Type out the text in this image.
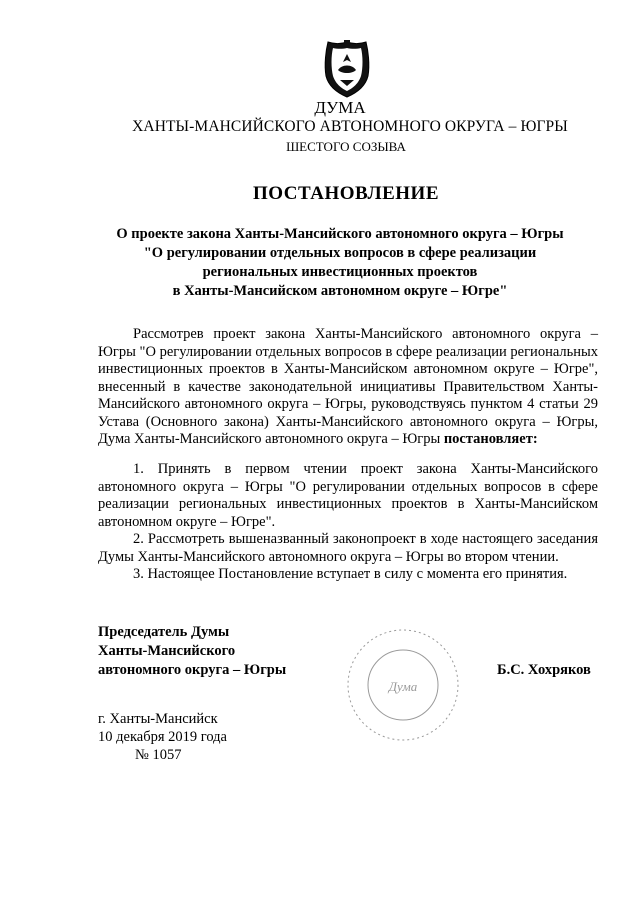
ДУМА
ХАНТЫ-МАНСИЙСКОГО АВТОНОМНОГО ОКРУГА – ЮГРЫ
ШЕСТОГО СОЗЫВА
ПОСТАНОВЛЕНИЕ
О проекте закона Ханты-Мансийского автономного округа – Югры
"О регулировании отдельных вопросов в сфере реализации
региональных инвестиционных проектов
в Ханты-Мансийском автономном округе – Югре"

Рассмотрев проект закона Ханты-Мансийского автономного округа – Югры "О регулировании отдельных вопросов в сфере реализации региональных инвестиционных проектов в Ханты-Мансийском автономном округе – Югре", внесенный в качестве законодательной инициативы Правительством Ханты-Мансийского автономного округа – Югры, руководствуясь пунктом 4 статьи 29 Устава (Основного закона) Ханты-Мансийского автономного округа – Югры, Дума Ханты-Мансийского автономного округа – Югры постановляет:

1. Принять в первом чтении проект закона Ханты-Мансийского автономного округа – Югры "О регулировании отдельных вопросов в сфере реализации региональных инвестиционных проектов в Ханты-Мансийском автономном округе – Югре".

2. Рассмотреть вышеназванный законопроект в ходе настоящего заседания Думы Ханты-Мансийского автономного округа – Югры во втором чтении.

3. Настоящее Постановление вступает в силу с момента его принятия.

Председатель Думы
Ханты-Мансийского
автономного округа – Югры
Дума
Б.С. Хохряков
г. Ханты-Мансийск
10 декабря 2019 года
№ 1057
